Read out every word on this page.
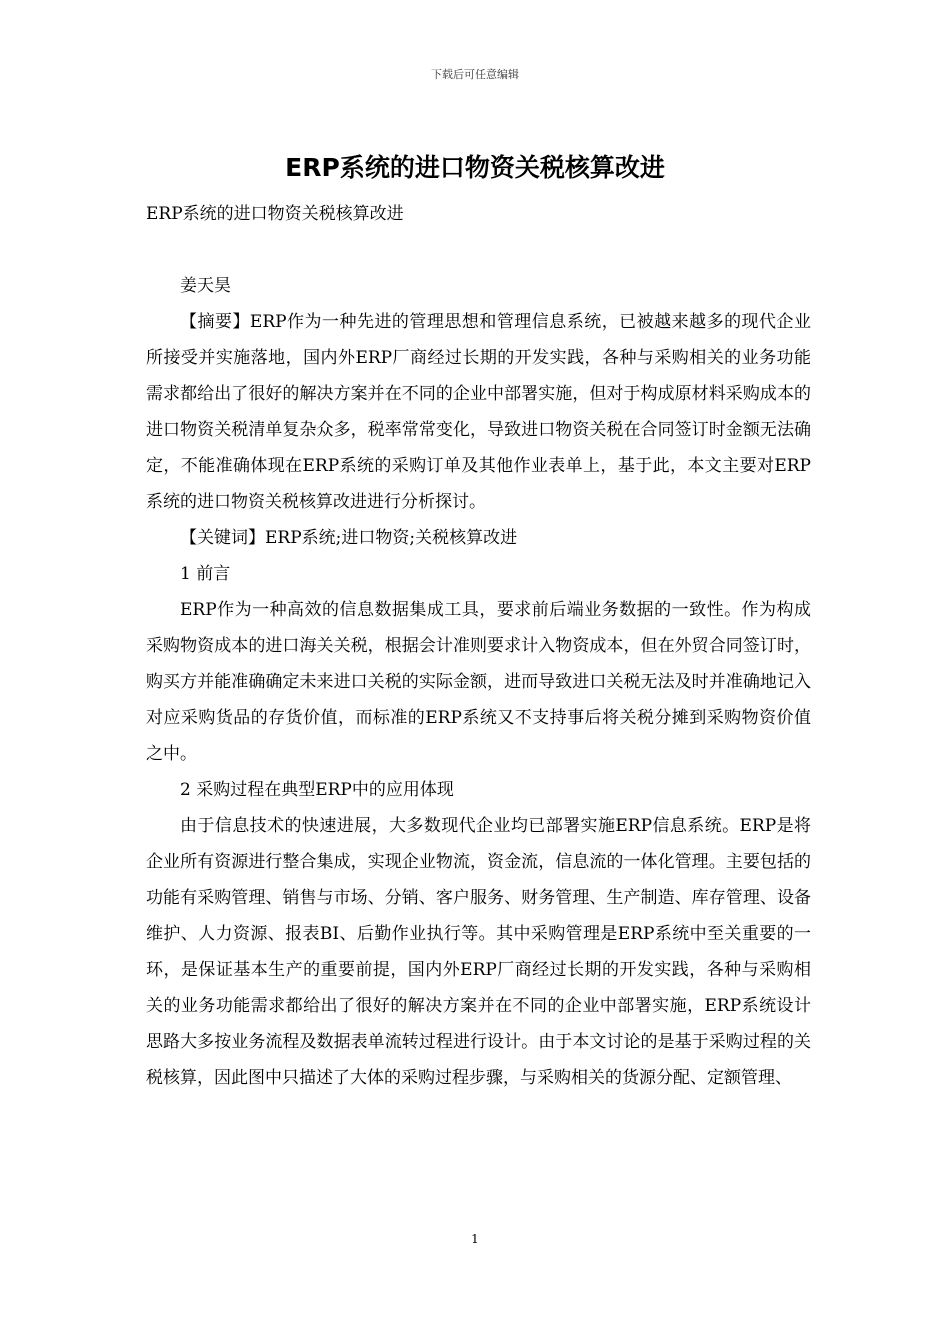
下载后可任意编辑
ERP系统的进口物资关税核算改进

ERP系统的进口物资关税核算改进

姜天昊

【摘要】ERP作为一种先进的管理思想和管理信息系统，已被越来越多的现代企业所接受并实施落地，国内外ERP厂商经过长期的开发实践，各种与采购相关的业务功能需求都给出了很好的解决方案并在不同的企业中部署实施，但对于构成原材料采购成本的进口物资关税清单复杂众多，税率常常变化，导致进口物资关税在合同签订时金额无法确定，不能准确体现在ERP系统的采购订单及其他作业表单上，基于此，本文主要对ERP系统的进口物资关税核算改进进行分析探讨。

【关键词】ERP系统;进口物资;关税核算改进

1 前言

ERP作为一种高效的信息数据集成工具，要求前后端业务数据的一致性。作为构成采购物资成本的进口海关关税，根据会计准则要求计入物资成本，但在外贸合同签订时，购买方并能准确确定未来进口关税的实际金额，进而导致进口关税无法及时并准确地记入对应采购货品的存货价值，而标准的ERP系统又不支持事后将关税分摊到采购物资价值之中。

2 采购过程在典型ERP中的应用体现

由于信息技术的快速进展，大多数现代企业均已部署实施ERP信息系统。ERP是将企业所有资源进行整合集成，实现企业物流，资金流，信息流的一体化管理。主要包括的功能有采购管理、销售与市场、分销、客户服务、财务管理、生产制造、库存管理、设备维护、人力资源、报表BI、后勤作业执行等。其中采购管理是ERP系统中至关重要的一环，是保证基本生产的重要前提，国内外ERP厂商经过长期的开发实践，各种与采购相关的业务功能需求都给出了很好的解决方案并在不同的企业中部署实施，ERP系统设计思路大多按业务流程及数据表单流转过程进行设计。由于本文讨论的是基于采购过程的关税核算，因此图中只描述了大体的采购过程步骤，与采购相关的货源分配、定额管理、

1
